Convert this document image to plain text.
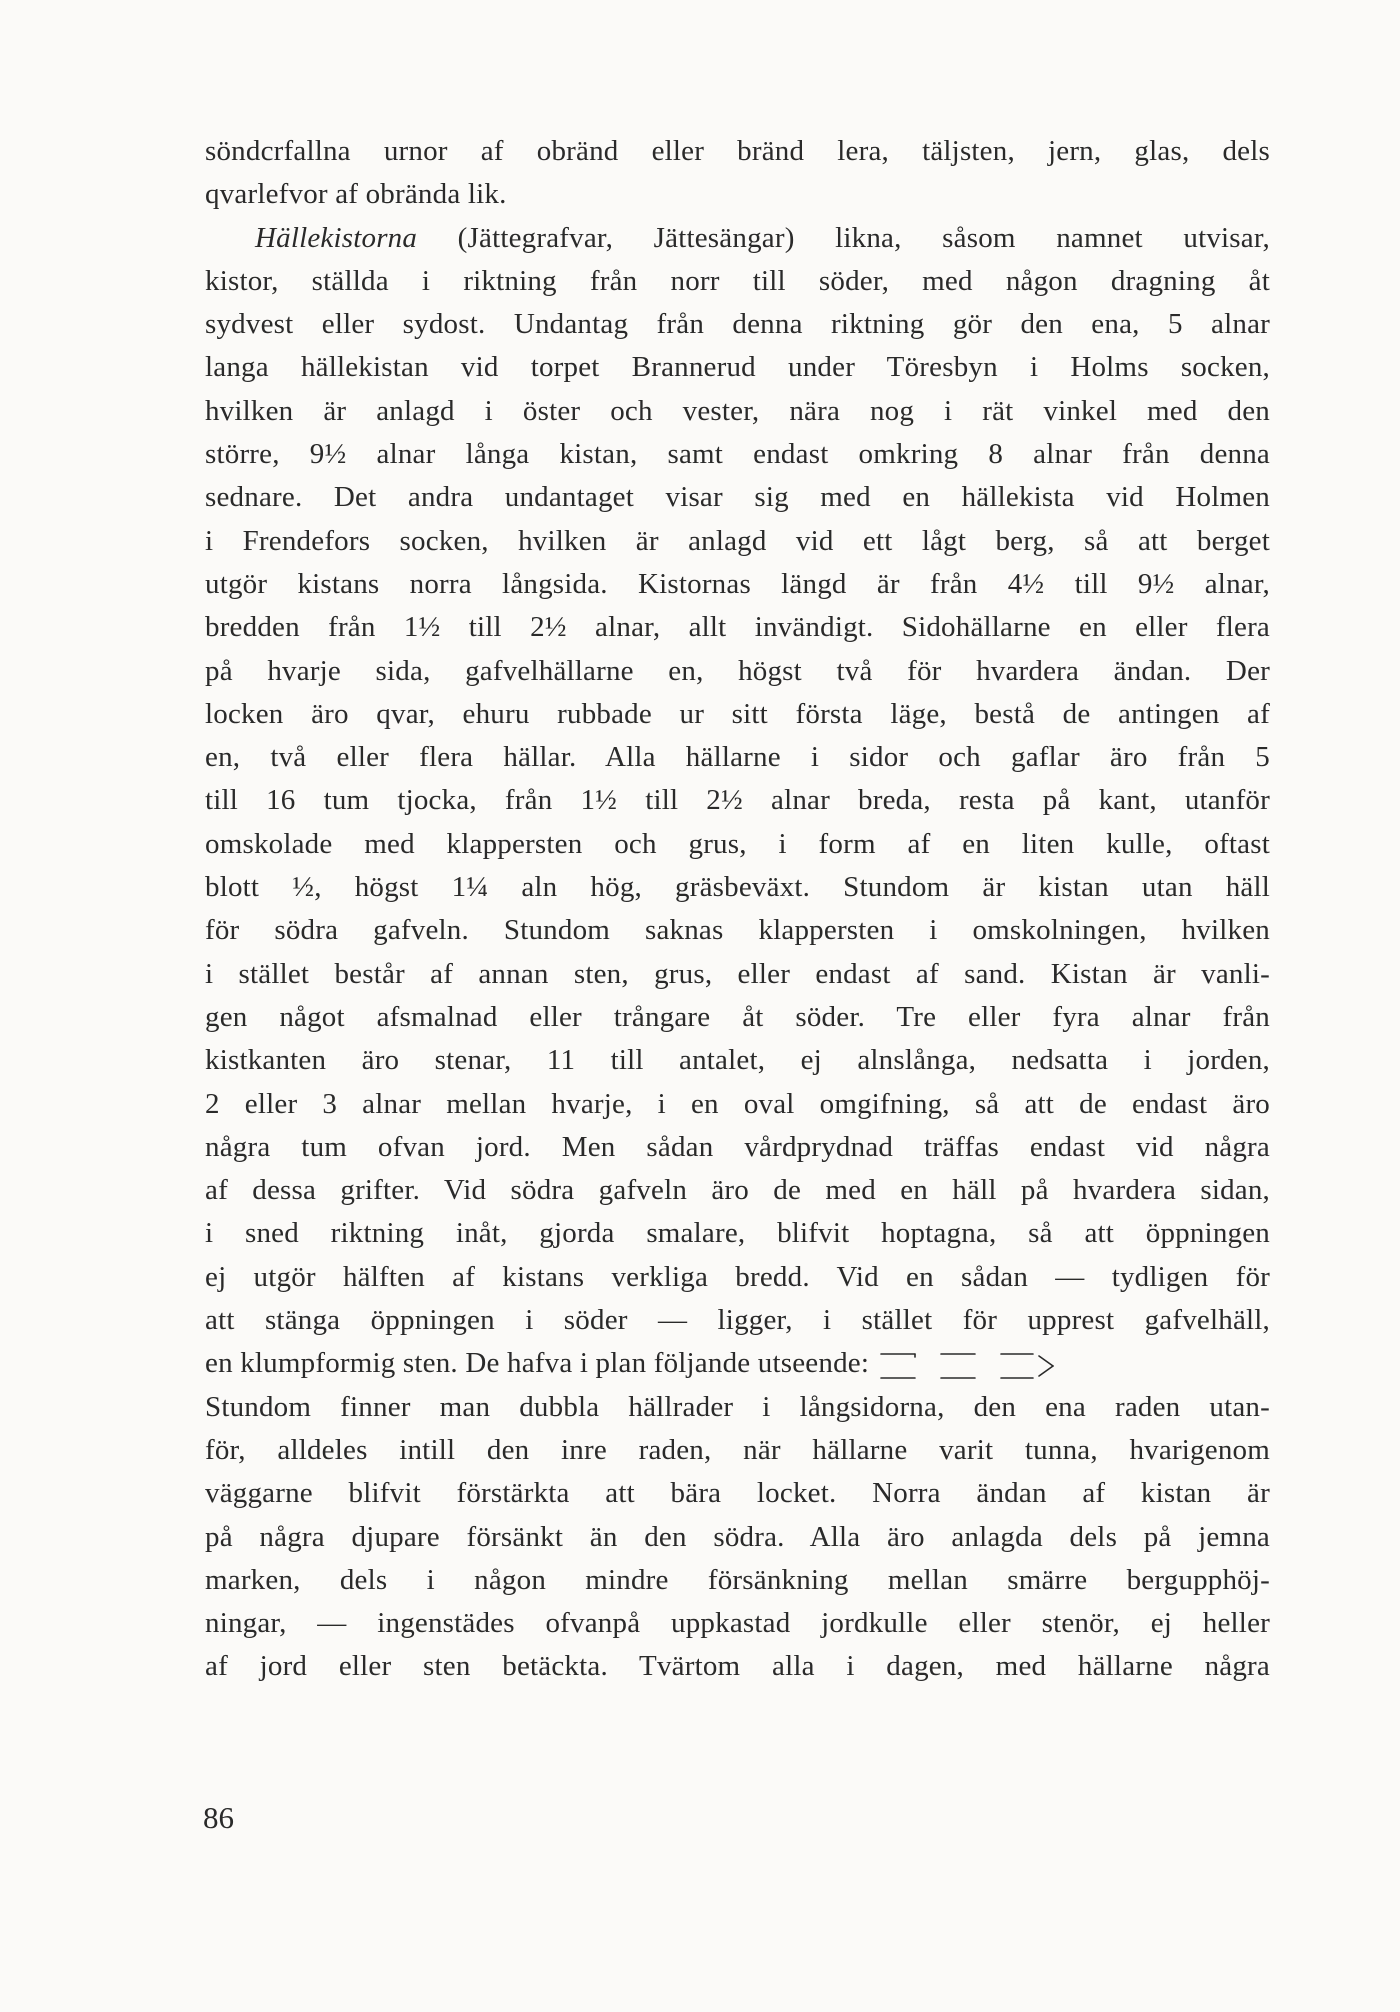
söndcrfallna urnor af obränd eller bränd lera, täljsten, jern, glas, dels
qvarlefvor af obrända lik.
Hällekistorna (Jättegrafvar, Jättesängar) likna, såsom namnet utvisar,
kistor, ställda i riktning från norr till söder, med någon dragning åt
sydvest eller sydost. Undantag från denna riktning gör den ena, 5 alnar
langa hällekistan vid torpet Brannerud under Töresbyn i Holms socken,
hvilken är anlagd i öster och vester, nära nog i rät vinkel med den
större, 9½ alnar långa kistan, samt endast omkring 8 alnar från denna
sednare. Det andra undantaget visar sig med en hällekista vid Holmen
i Frendefors socken, hvilken är anlagd vid ett lågt berg, så att berget
utgör kistans norra långsida. Kistornas längd är från 4½ till 9½ alnar,
bredden från 1½ till 2½ alnar, allt invändigt. Sidohällarne en eller flera
på hvarje sida, gafvelhällarne en, högst två för hvardera ändan. Der
locken äro qvar, ehuru rubbade ur sitt första läge, bestå de antingen af
en, två eller flera hällar. Alla hällarne i sidor och gaflar äro från 5
till 16 tum tjocka, från 1½ till 2½ alnar breda, resta på kant, utanför
omskolade med klappersten och grus, i form af en liten kulle, oftast
blott ½, högst 1¼ aln hög, gräsbeväxt. Stundom är kistan utan häll
för södra gafveln. Stundom saknas klappersten i omskolningen, hvilken
i stället består af annan sten, grus, eller endast af sand. Kistan är vanli-
gen något afsmalnad eller trångare åt söder. Tre eller fyra alnar från
kistkanten äro stenar, 11 till antalet, ej alnslånga, nedsatta i jorden,
2 eller 3 alnar mellan hvarje, i en oval omgifning, så att de endast äro
några tum ofvan jord. Men sådan vårdprydnad träffas endast vid några
af dessa grifter. Vid södra gafveln äro de med en häll på hvardera sidan,
i sned riktning inåt, gjorda smalare, blifvit hoptagna, så att öppningen
ej utgör hälften af kistans verkliga bredd. Vid en sådan — tydligen för
att stänga öppningen i söder — ligger, i stället för upprest gafvelhäll,
en klumpformig sten. De hafva i plan följande utseende:
Stundom finner man dubbla hällrader i långsidorna, den ena raden utan-
för, alldeles intill den inre raden, när hällarne varit tunna, hvarigenom
väggarne blifvit förstärkta att bära locket. Norra ändan af kistan är
på några djupare försänkt än den södra. Alla äro anlagda dels på jemna
marken, dels i någon mindre försänkning mellan smärre bergupphöj-
ningar, — ingenstädes ofvanpå uppkastad jordkulle eller stenör, ej heller
af jord eller sten betäckta. Tvärtom alla i dagen, med hällarne några
86
